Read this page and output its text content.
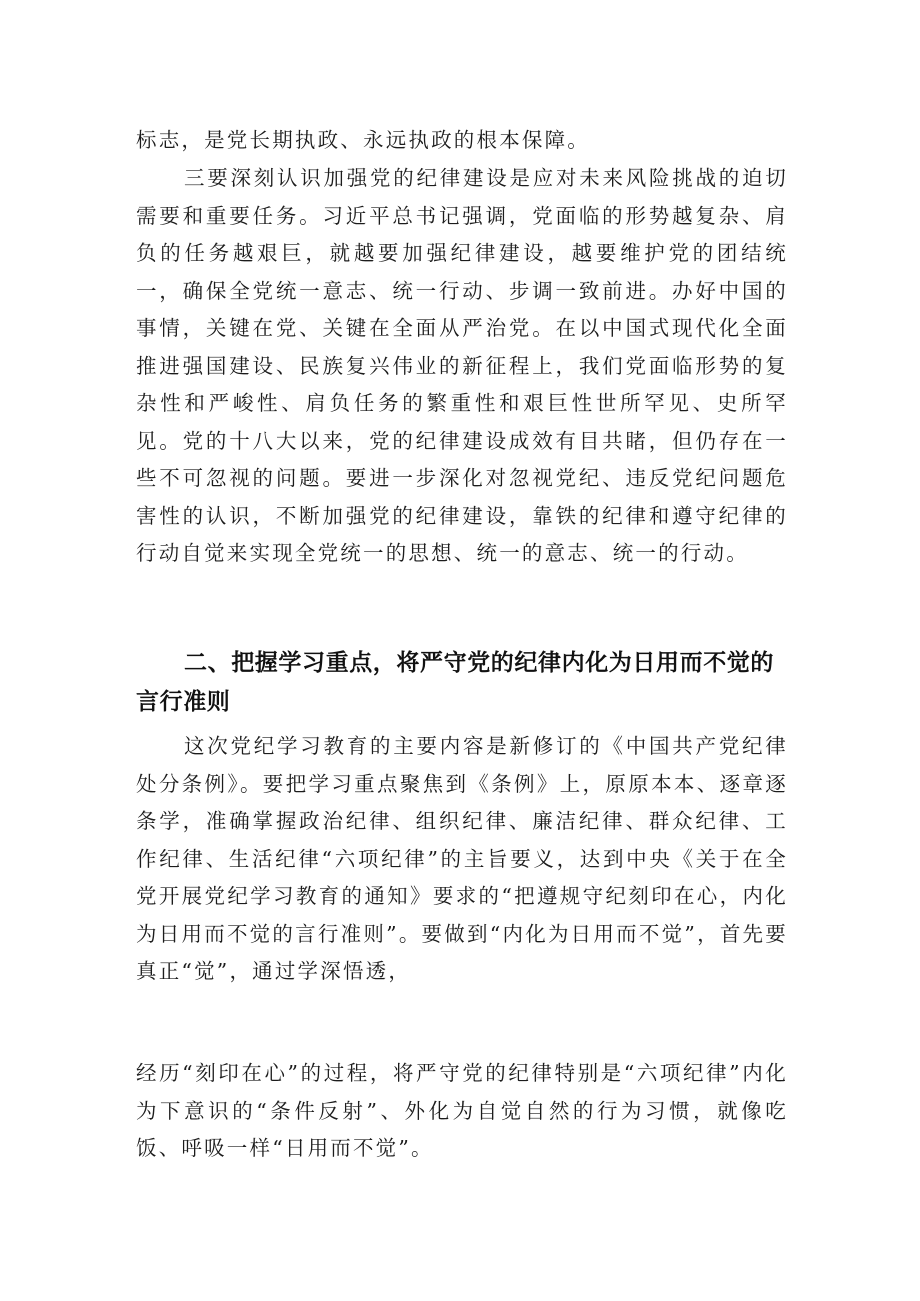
标志，是党长期执政、永远执政的根本保障。

三要深刻认识加强党的纪律建设是应对未来风险挑战的迫切需要和重要任务。习近平总书记强调，党面临的形势越复杂、肩负的任务越艰巨，就越要加强纪律建设，越要维护党的团结统一，确保全党统一意志、统一行动、步调一致前进。办好中国的事情，关键在党、关键在全面从严治党。在以中国式现代化全面推进强国建设、民族复兴伟业的新征程上，我们党面临形势的复杂性和严峻性、肩负任务的繁重性和艰巨性世所罕见、史所罕见。党的十八大以来，党的纪律建设成效有目共睹，但仍存在一些不可忽视的问题。要进一步深化对忽视党纪、违反党纪问题危害性的认识，不断加强党的纪律建设，靠铁的纪律和遵守纪律的行动自觉来实现全党统一的思想、统一的意志、统一的行动。

二、把握学习重点，将严守党的纪律内化为日用而不觉的言行准则

这次党纪学习教育的主要内容是新修订的《中国共产党纪律处分条例》。要把学习重点聚焦到《条例》上，原原本本、逐章逐条学，准确掌握政治纪律、组织纪律、廉洁纪律、群众纪律、工作纪律、生活纪律“六项纪律”的主旨要义，达到中央《关于在全党开展党纪学习教育的通知》要求的“把遵规守纪刻印在心，内化为日用而不觉的言行准则”。要做到“内化为日用而不觉”，首先要真正“觉”，通过学深悟透，

经历“刻印在心”的过程，将严守党的纪律特别是“六项纪律”内化为下意识的“条件反射”、外化为自觉自然的行为习惯，就像吃饭、呼吸一样“日用而不觉”。
